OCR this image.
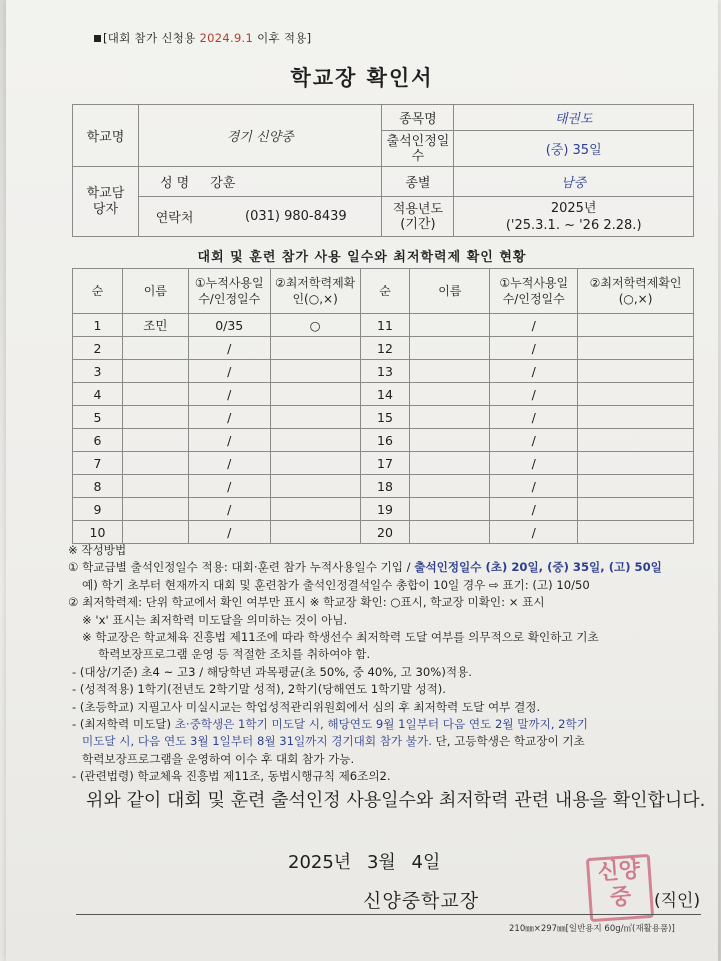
[대회 참가 신청용 2024.9.1 이후 적용]
학교장 확인서
학교명	경기 신양중		종목명	태권도
			출석인정일수	(중) 35일
학교담당자	성 명	강훈	종별	남중
	연락처	(031) 980-8439	적용년도(기간)	2025년
('25.3.1. ~ '26 2.28.)
대회 및 훈련 참가 사용 일수와 최저학력제 확인 현황
순	이름	①누적사용일수/인정일수	②최저학력제확인(○,×)	순	이름	①누적사용일수/인정일수	②최저학력제확인(○,×)
1	조민	0/35	○	11		/	
2		/		12		/	
3		/		13		/	
4		/		14		/	
5		/		15		/	
6		/		16		/	
7		/		17		/	
8		/		18		/	
9		/		19		/	
10		/		20		/	
※ 작성방법
① 학교급별 출석인정일수 적용: 대회·훈련 참가 누적사용일수 기입 / 출석인정일수 (초) 20일, (중) 35일, (고) 50일
예) 학기 초부터 현재까지 대회 및 훈련참가 출석인정결석일수 총합이 10일 경우 ⇨ 표기: (고) 10/50
② 최저학력제: 단위 학교에서 확인 여부만 표시 ※ 학교장 확인: ○표시, 학교장 미확인: × 표시
※ 'x' 표시는 최저학력 미도달을 의미하는 것이 아님.
※ 학교장은 학교체육 진흥법 제11조에 따라 학생선수 최저학력 도달 여부를 의무적으로 확인하고 기초
학력보장프로그램 운영 등 적절한 조치를 취하여야 함.
- (대상/기준) 초4 ~ 고3 / 해당학년 과목평균(초 50%, 중 40%, 고 30%)적용.
- (성적적용) 1학기(전년도 2학기말 성적), 2학기(당해연도 1학기말 성적).
- (초등학교) 지필고사 미실시교는 학업성적관리위원회에서 심의 후 최저학력 도달 여부 결정.
- (최저학력 미도달) 초·중학생은 1학기 미도달 시, 해당연도 9월 1일부터 다음 연도 2월 말까지, 2학기
미도달 시, 다음 연도 3월 1일부터 8월 31일까지 경기대회 참가 불가. 단, 고등학생은 학교장이 기초
학력보장프로그램을 운영하여 이수 후 대회 참가 가능.
- (관련법령) 학교체육 진흥법 제11조, 동법시행규칙 제6조의2.
위와 같이 대회 및 훈련 출석인정 사용일수와 최저학력 관련 내용을 확인합니다.
2025년 3월 4일
신양중학교장
신양중	(직인)
210㎜×297㎜[일반용지 60g/㎡(재활용품)]
